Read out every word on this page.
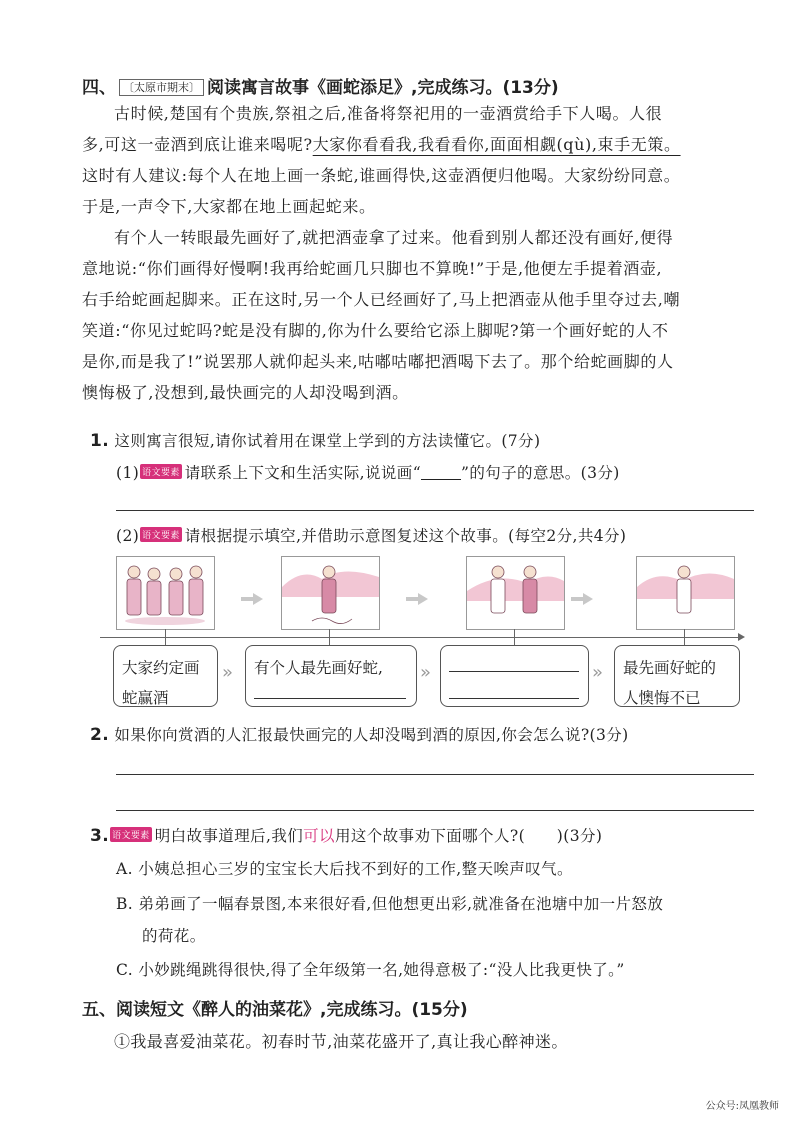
四、 〔太原市期末〕 阅读寓言故事《画蛇添足》,完成练习。(13分)
古时候,楚国有个贵族,祭祖之后,准备将祭祀用的一壶酒赏给手下人喝。人很
多,可这一壶酒到底让谁来喝呢?大家你看看我,我看看你,面面相觑(qù),束手无策。
这时有人建议:每个人在地上画一条蛇,谁画得快,这壶酒便归他喝。大家纷纷同意。
于是,一声令下,大家都在地上画起蛇来。
有个人一转眼最先画好了,就把酒壶拿了过来。他看到别人都还没有画好,便得
意地说:“你们画得好慢啊!我再给蛇画几只脚也不算晚!”于是,他便左手提着酒壶,
右手给蛇画起脚来。正在这时,另一个人已经画好了,马上把酒壶从他手里夺过去,嘲
笑道:“你见过蛇吗?蛇是没有脚的,你为什么要给它添上脚呢?第一个画好蛇的人不
是你,而是我了!”说罢那人就仰起头来,咕嘟咕嘟把酒喝下去了。那个给蛇画脚的人
懊悔极了,没想到,最快画完的人却没喝到酒。
1. 这则寓言很短,请你试着用在课堂上学到的方法读懂它。(7分)
(1) 语文要素 请联系上下文和生活实际,说说画“	”的句子的意思。(3分)
(2) 语文要素 请根据提示填空,并借助示意图复述这个故事。(每空2分,共4分)
大家约定画
蛇赢酒
» 有个人最先画好蛇, »	» 最先画好蛇的
人懊悔不已
2. 如果你向赏酒的人汇报最快画完的人却没喝到酒的原因,你会怎么说?(3分)
3. 语文要素 明白故事道理后,我们可以用这个故事劝下面哪个人?(　　)(3分)
A. 小姨总担心三岁的宝宝长大后找不到好的工作,整天唉声叹气。
B. 弟弟画了一幅春景图,本来很好看,但他想更出彩,就准备在池塘中加一片怒放
的荷花。
C. 小妙跳绳跳得很快,得了全年级第一名,她得意极了:“没人比我更快了。”
五、阅读短文《醉人的油菜花》,完成练习。(15分)
①我最喜爱油菜花。初春时节,油菜花盛开了,真让我心醉神迷。
公众号:凤凰教师
